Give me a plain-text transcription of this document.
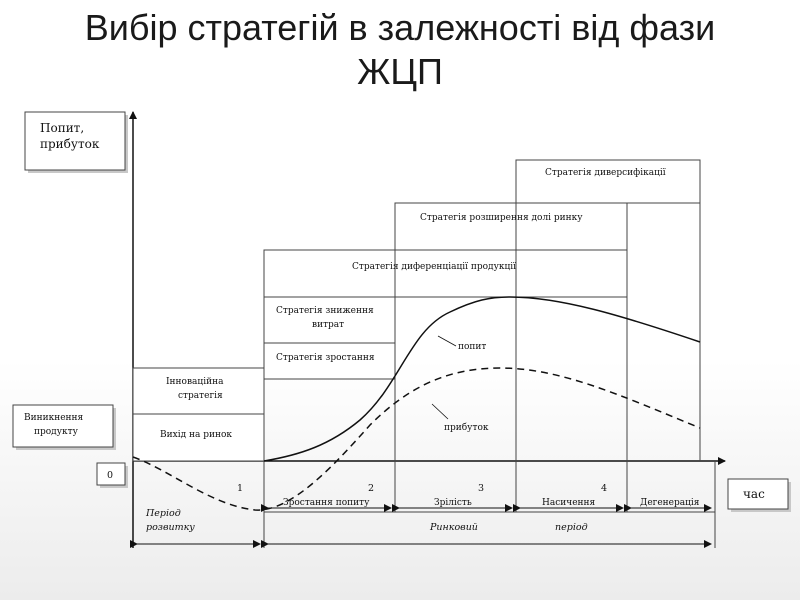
Вибір стратегій в залежності від фази
ЖЦП
Попит,
прибуток
0
час
Виникнення
продукту
Стратегія диверсифікації
Стратегія розширення долі ринку
Стратегія диференціації продукції
Стратегія зниження
витрат
Стратегія зростання
Інноваційна
стратегія
Вихід на ринок
1	2	3	4
Зростання попиту	Зрілість	Насичення	Дегенерація
Період
розвитку	Ринковий	період
попит
прибуток
